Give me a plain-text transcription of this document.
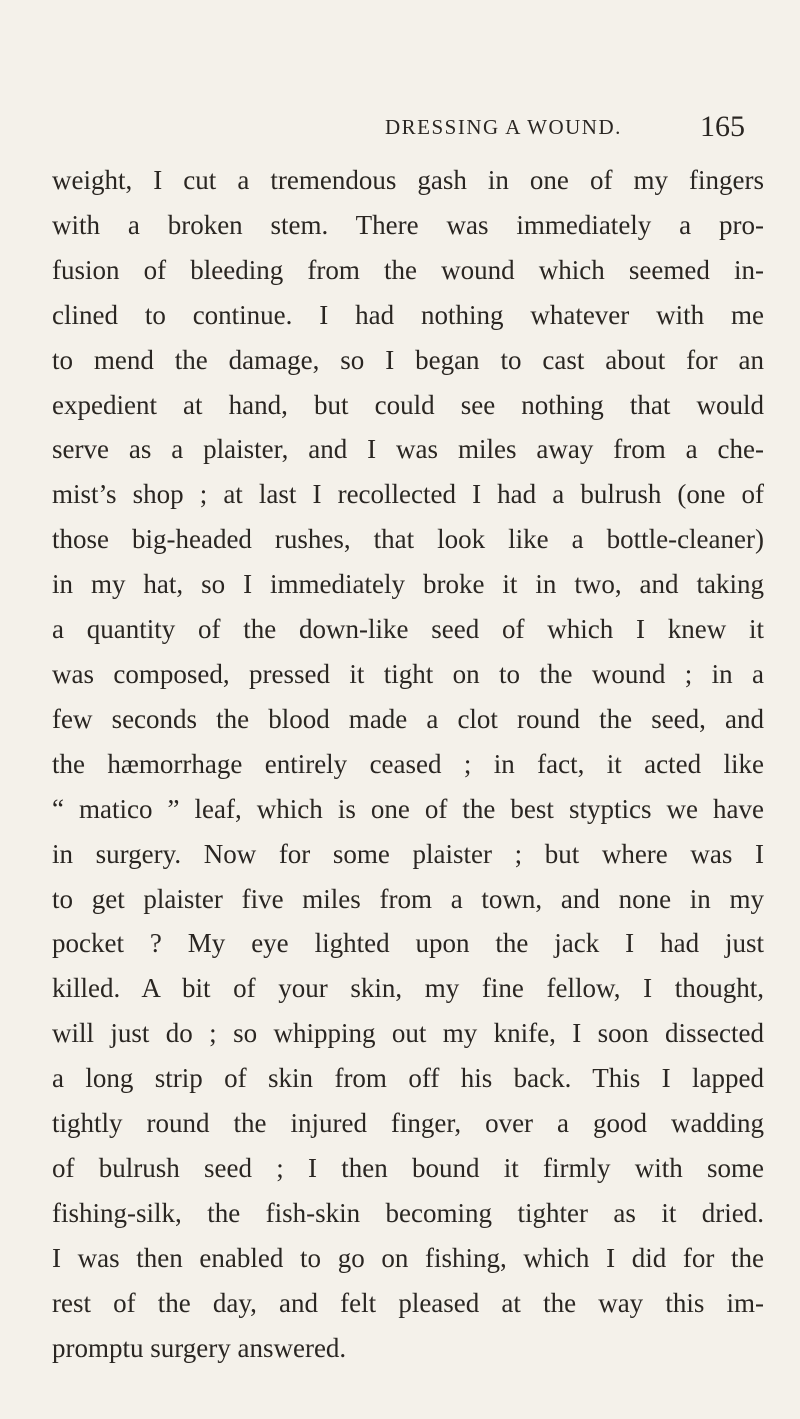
DRESSING A WOUND.	165
weight, I cut a tremendous gash in one of my fingers
with a broken stem. There was immediately a pro-
fusion of bleeding from the wound which seemed in-
clined to continue. I had nothing whatever with me
to mend the damage, so I began to cast about for an
expedient at hand, but could see nothing that would
serve as a plaister, and I was miles away from a che-
mist’s shop ; at last I recollected I had a bulrush (one of
those big-headed rushes, that look like a bottle-cleaner)
in my hat, so I immediately broke it in two, and taking
a quantity of the down-like seed of which I knew it
was composed, pressed it tight on to the wound ; in a
few seconds the blood made a clot round the seed, and
the hæmorrhage entirely ceased ; in fact, it acted like
“ matico ” leaf, which is one of the best styptics we have
in surgery. Now for some plaister ; but where was I
to get plaister five miles from a town, and none in my
pocket ? My eye lighted upon the jack I had just
killed. A bit of your skin, my fine fellow, I thought,
will just do ; so whipping out my knife, I soon dissected
a long strip of skin from off his back. This I lapped
tightly round the injured finger, over a good wadding
of bulrush seed ; I then bound it firmly with some
fishing-silk, the fish-skin becoming tighter as it dried.
I was then enabled to go on fishing, which I did for the
rest of the day, and felt pleased at the way this im-
promptu surgery answered.
